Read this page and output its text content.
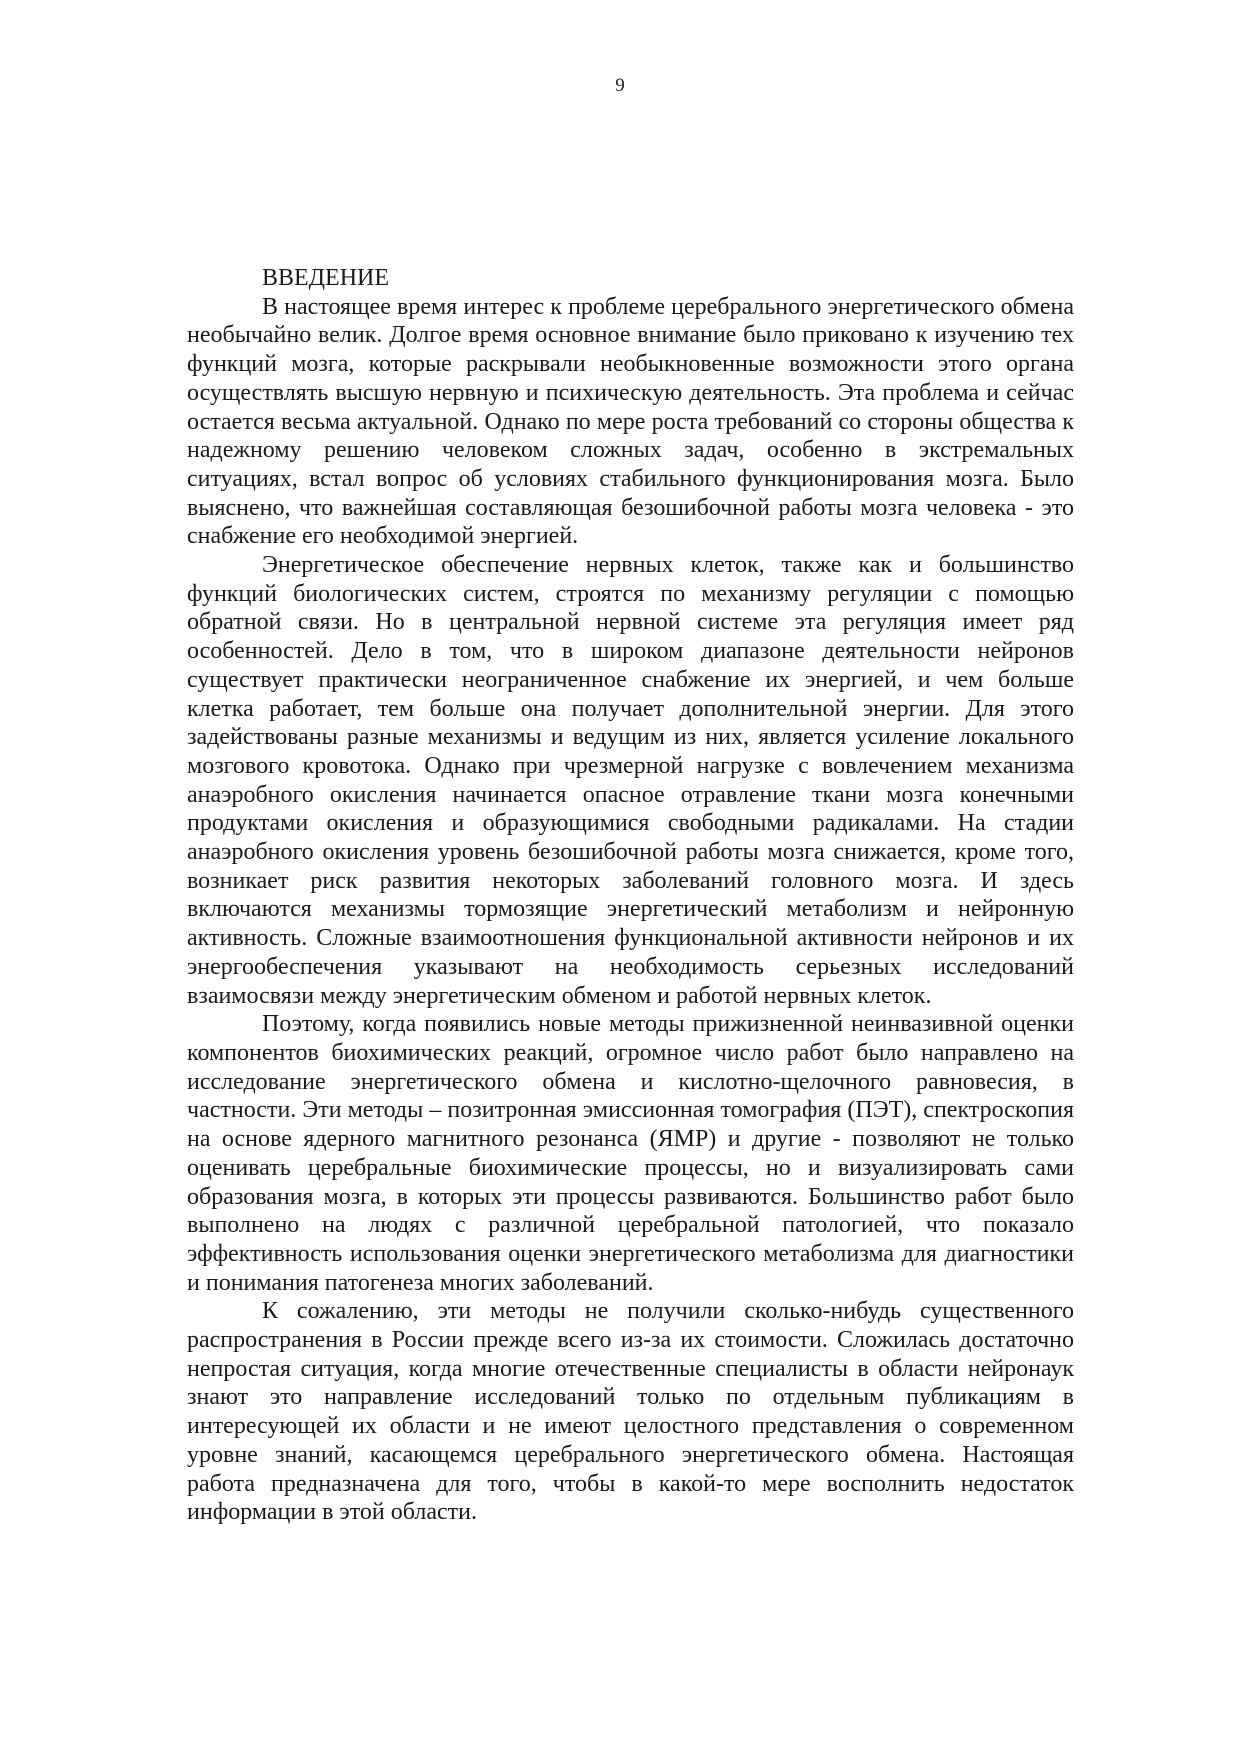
9
ВВЕДЕНИЕ

В настоящее время интерес к проблеме церебрального энергетического обмена необычайно велик. Долгое время основное внимание было приковано к изучению тех функций мозга, которые раскрывали необыкновенные возможности этого органа осуществлять высшую нервную и психическую деятельность. Эта проблема и сейчас остается весьма актуальной. Однако по мере роста требований со стороны общества к надежному решению человеком сложных задач, особенно в экстремальных ситуациях, встал вопрос об условиях стабильного функционирования мозга. Было выяснено, что важнейшая составляющая безошибочной работы мозга человека - это снабжение его необходимой энергией.

Энергетическое обеспечение нервных клеток, также как и большинство функций биологических систем, строятся по механизму регуляции с помощью обратной связи. Но в центральной нервной системе эта регуляция имеет ряд особенностей. Дело в том, что в широком диапазоне деятельности нейронов существует практически неограниченное снабжение их энергией, и чем больше клетка работает, тем больше она получает дополнительной энергии. Для этого задействованы разные механизмы и ведущим из них, является усиление локального мозгового кровотока. Однако при чрезмерной нагрузке с вовлечением механизма анаэробного окисления начинается опасное отравление ткани мозга конечными продуктами окисления и образующимися свободными радикалами. На стадии анаэробного окисления уровень безошибочной работы мозга снижается, кроме того, возникает риск развития некоторых заболеваний головного мозга. И здесь включаются механизмы тормозящие энергетический метаболизм и нейронную активность. Сложные взаимоотношения функциональной активности нейронов и их энергообеспечения указывают на необходимость серьезных исследований взаимосвязи между энергетическим обменом и работой нервных клеток.

Поэтому, когда появились новые методы прижизненной неинвазивной оценки компонентов биохимических реакций, огромное число работ было направлено на исследование энергетического обмена и кислотно-щелочного равновесия, в частности. Эти методы – позитронная эмиссионная томография (ПЭТ), спектроскопия на основе ядерного магнитного резонанса (ЯМР) и другие - позволяют не только оценивать церебральные биохимические процессы, но и визуализировать сами образования мозга, в которых эти процессы развиваются. Большинство работ было выполнено на людях с различной церебральной патологией, что показало эффективность использования оценки энергетического метаболизма для диагностики и понимания патогенеза многих заболеваний.

К сожалению, эти методы не получили сколько-нибудь существенного распространения в России прежде всего из-за их стоимости. Сложилась достаточно непростая ситуация, когда многие отечественные специалисты в области нейронаук знают это направление исследований только по отдельным публикациям в интересующей их области и не имеют целостного представления о современном уровне знаний, касающемся церебрального энергетического обмена. Настоящая работа предназначена для того, чтобы в какой-то мере восполнить недостаток информации в этой области.
